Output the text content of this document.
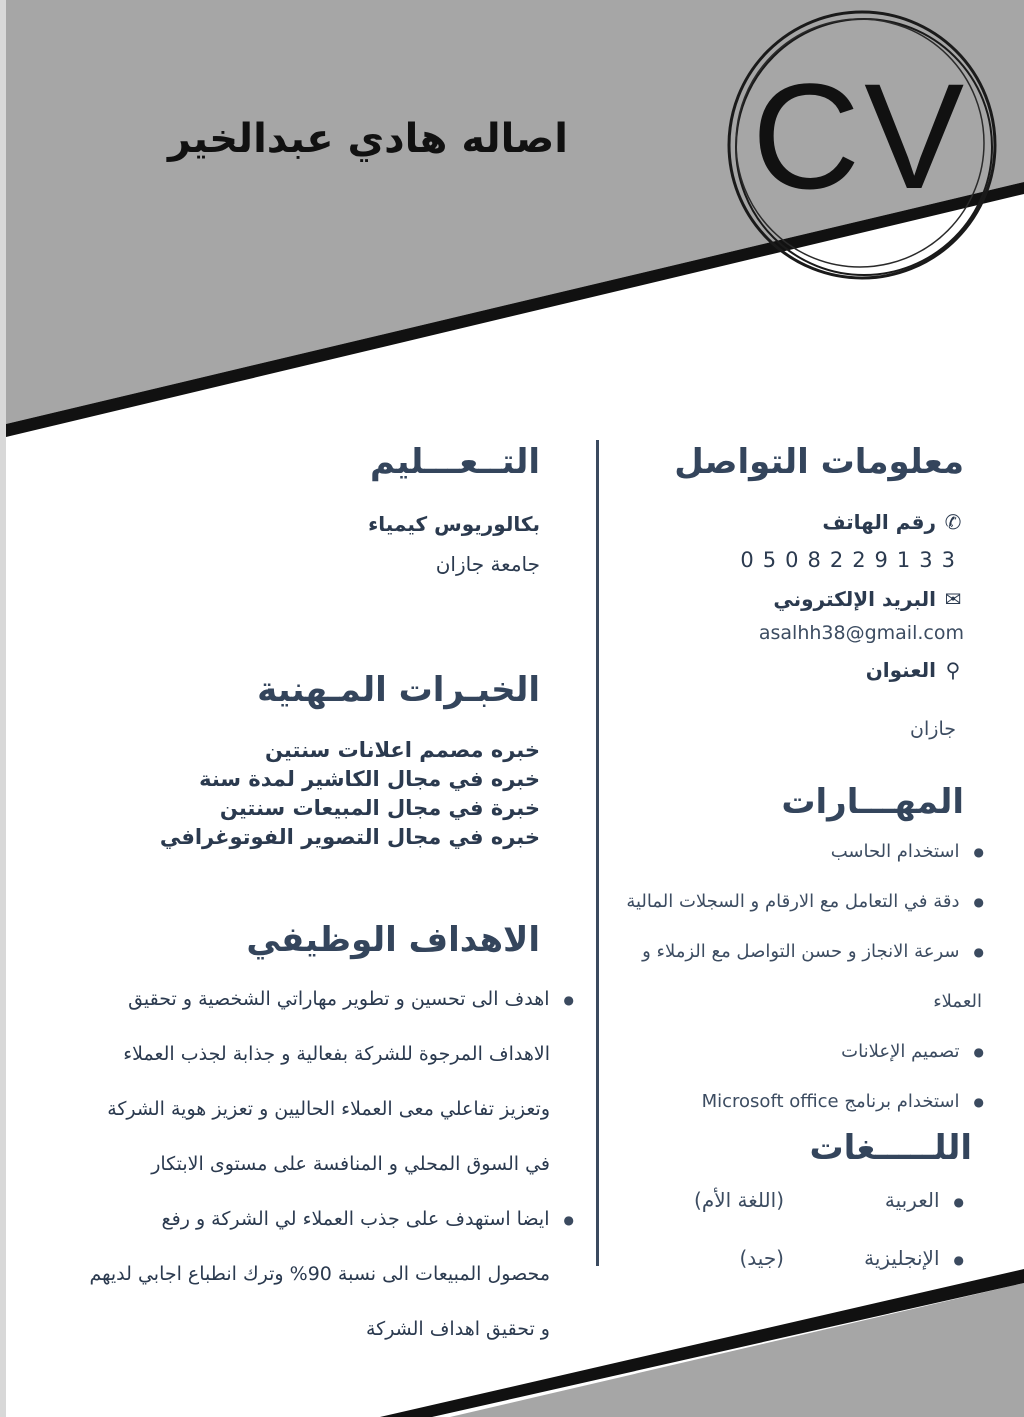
CV
اصاله هادي عبدالخير
معلومات التواصل
✆رقم الهاتف
0508229133
✉البريد الإلكتروني
asalhh38@gmail.com
⚲العنوان
جازان
المهـــارات
●استخدام الحاسب
●دقة في التعامل مع الارقام و السجلات المالية
●سرعة الانجاز و حسن التواصل مع الزملاء و
العملاء
●تصميم الإعلانات
●استخدام برنامج Microsoft office
اللـــــغات
●العربية
(اللغة الأم)
●الإنجليزية
(جيد)
التــعـــليم
بكالوريوس كيمياء
جامعة جازان
الخبـرات المـهنية
خبره مصمم اعلانات سنتين
خبره في مجال الكاشير لمدة سنة
خبرة في مجال المبيعات سنتين
خبره في مجال التصوير الفوتوغرافي
الاهداف الوظيفي
●اهدف الى تحسين و تطوير مهاراتي الشخصية و تحقيق
الاهداف المرجوة للشركة بفعالية و جذابة لجذب العملاء
وتعزيز تفاعلي معى العملاء الحاليين و تعزيز هوية الشركة
في السوق المحلي و المنافسة على مستوى الابتكار
●ايضا استهدف على جذب العملاء لي الشركة و رفع
محصول المبيعات الى نسبة 90% وترك انطباع اجابي لديهم
و تحقيق اهداف الشركة
